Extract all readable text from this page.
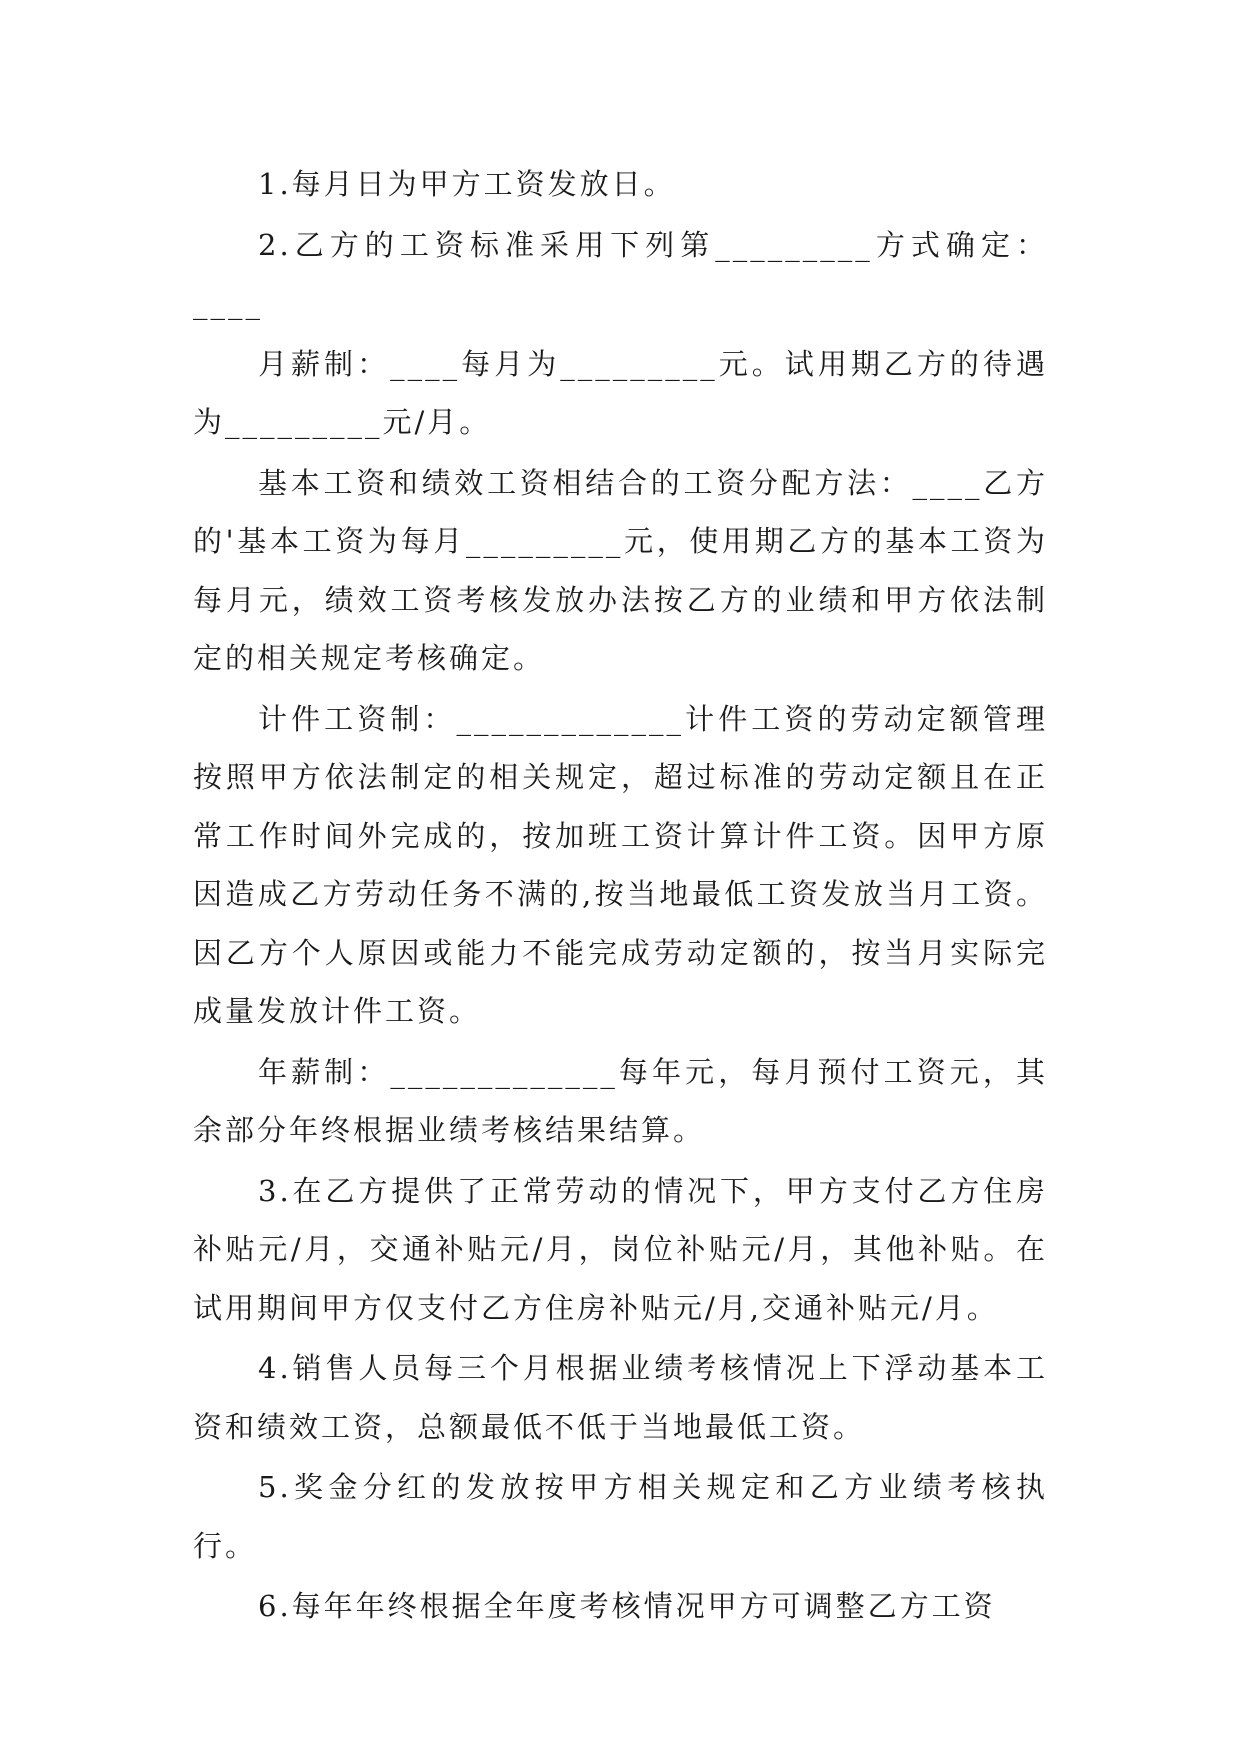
1.每月日为甲方工资发放日。

2.乙方的工资标准采用下列第_________方式确定：____

月薪制：____每月为_________元。试用期乙方的待遇为_________元/月。

基本工资和绩效工资相结合的工资分配方法：____乙方的'基本工资为每月_________元，使用期乙方的基本工资为每月元，绩效工资考核发放办法按乙方的业绩和甲方依法制定的相关规定考核确定。

计件工资制：_____________计件工资的劳动定额管理按照甲方依法制定的相关规定，超过标准的劳动定额且在正常工作时间外完成的，按加班工资计算计件工资。因甲方原因造成乙方劳动任务不满的,按当地最低工资发放当月工资。因乙方个人原因或能力不能完成劳动定额的，按当月实际完成量发放计件工资。

年薪制：_____________每年元，每月预付工资元，其余部分年终根据业绩考核结果结算。

3.在乙方提供了正常劳动的情况下，甲方支付乙方住房补贴元/月，交通补贴元/月，岗位补贴元/月，其他补贴。在试用期间甲方仅支付乙方住房补贴元/月,交通补贴元/月。

4.销售人员每三个月根据业绩考核情况上下浮动基本工资和绩效工资，总额最低不低于当地最低工资。

5.奖金分红的发放按甲方相关规定和乙方业绩考核执行。

6.每年年终根据全年度考核情况甲方可调整乙方工资
